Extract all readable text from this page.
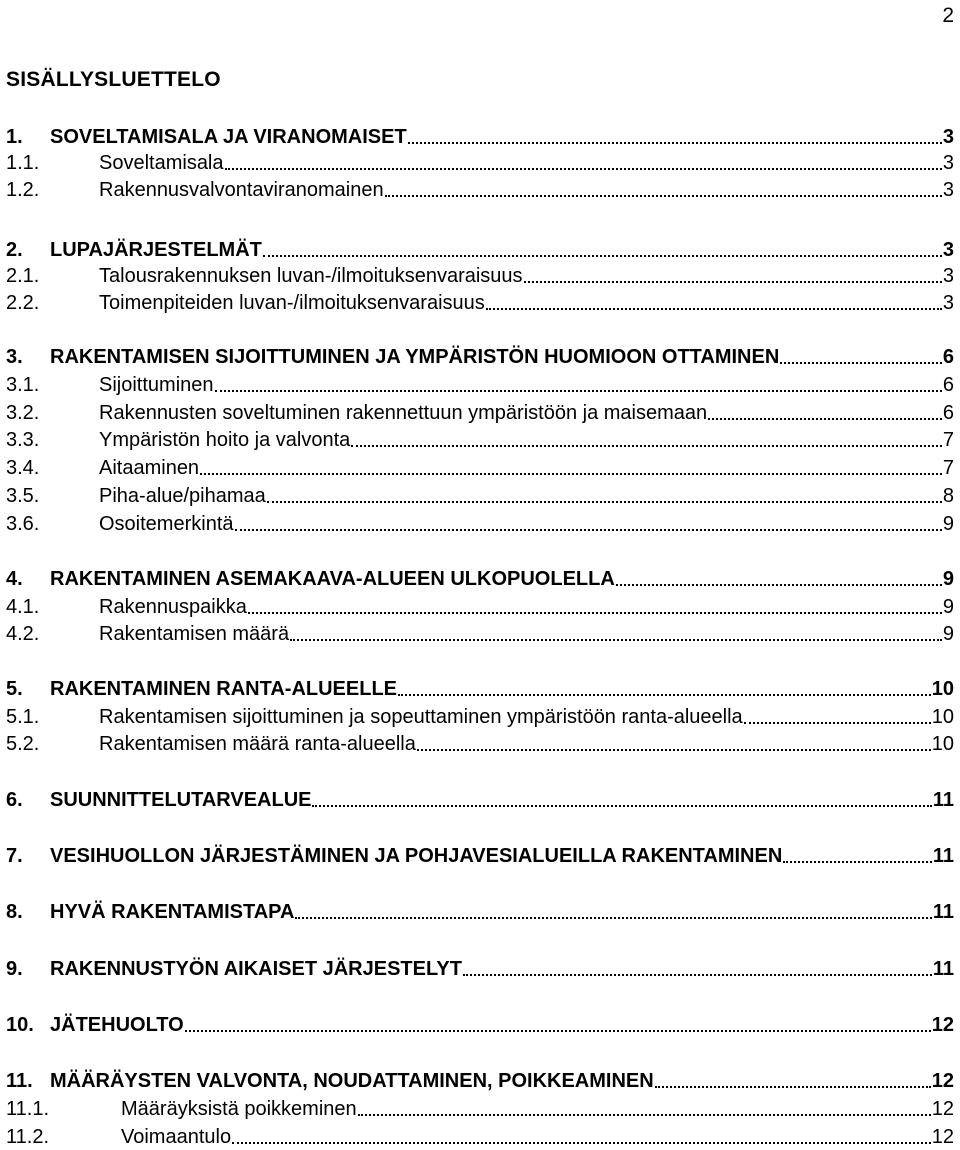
2
SISÄLLYSLUETTELO
1.	SOVELTAMISALA JA VIRANOMAISET	3
1.1.	Soveltamisala	3
1.2.	Rakennusvalvontaviranomainen	3
2.	LUPAJÄRJESTELMÄT	3
2.1.	Talousrakennuksen luvan-/ilmoituksenvaraisuus	3
2.2.	Toimenpiteiden luvan-/ilmoituksenvaraisuus	3
3.	RAKENTAMISEN SIJOITTUMINEN JA YMPÄRISTÖN HUOMIOON OTTAMINEN	6
3.1.	Sijoittuminen	6
3.2.	Rakennusten soveltuminen rakennettuun ympäristöön ja maisemaan	6
3.3.	Ympäristön hoito ja valvonta	7
3.4.	Aitaaminen	7
3.5.	Piha-alue/pihamaa	8
3.6.	Osoitemerkintä	9
4.	RAKENTAMINEN ASEMAKAAVA-ALUEEN ULKOPUOLELLA	9
4.1.	Rakennuspaikka	9
4.2.	Rakentamisen määrä	9
5.	RAKENTAMINEN RANTA-ALUEELLE	10
5.1.	Rakentamisen sijoittuminen ja sopeuttaminen ympäristöön ranta-alueella	10
5.2.	Rakentamisen määrä ranta-alueella	10
6.	SUUNNITTELUTARVEALUE	11
7.	VESIHUOLLON JÄRJESTÄMINEN JA POHJAVESIALUEILLA RAKENTAMINEN	11
8.	HYVÄ RAKENTAMISTAPA	11
9.	RAKENNUSTYÖN AIKAISET JÄRJESTELYT	11
10. JÄTEHUOLTO	12
11. MÄÄRÄYSTEN VALVONTA, NOUDATTAMINEN, POIKKEAMINEN	12
11.1.	Määräyksistä poikkeminen	12
11.2.	Voimaantulo	12
